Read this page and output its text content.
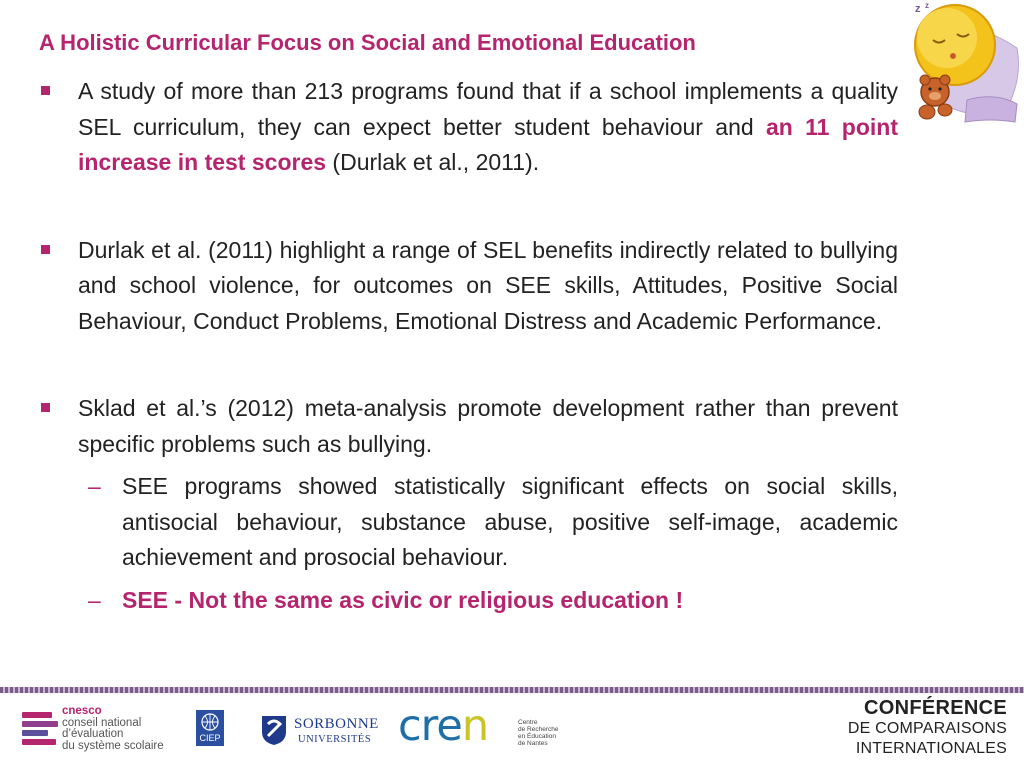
z z
A Holistic Curricular Focus on Social and Emotional Education
A study of more than 213 programs found that if a school implements a quality SEL curriculum, they can expect better student behaviour and an 11 point increase in test scores (Durlak et al., 2011).
Durlak et al. (2011) highlight a range of SEL benefits indirectly related to bullying and school violence, for outcomes on SEE skills, Attitudes, Positive Social Behaviour, Conduct Problems, Emotional Distress and Academic Performance.
Sklad et al.’s (2012) meta-analysis promote development rather than prevent specific problems such as bullying.
– SEE programs showed statistically significant effects on social skills, antisocial behaviour, substance abuse, positive self-image, academic achievement and prosocial behaviour.
– SEE - Not the same as civic or religious education !
cnesco
conseil national
d’évaluation
du système scolaire
CIEP
SORBONNE
UNIVERSITÉS cren	Centre
de Recherche
en Éducation
de Nantes
CONFÉRENCE
DE COMPARAISONS
INTERNATIONALES
